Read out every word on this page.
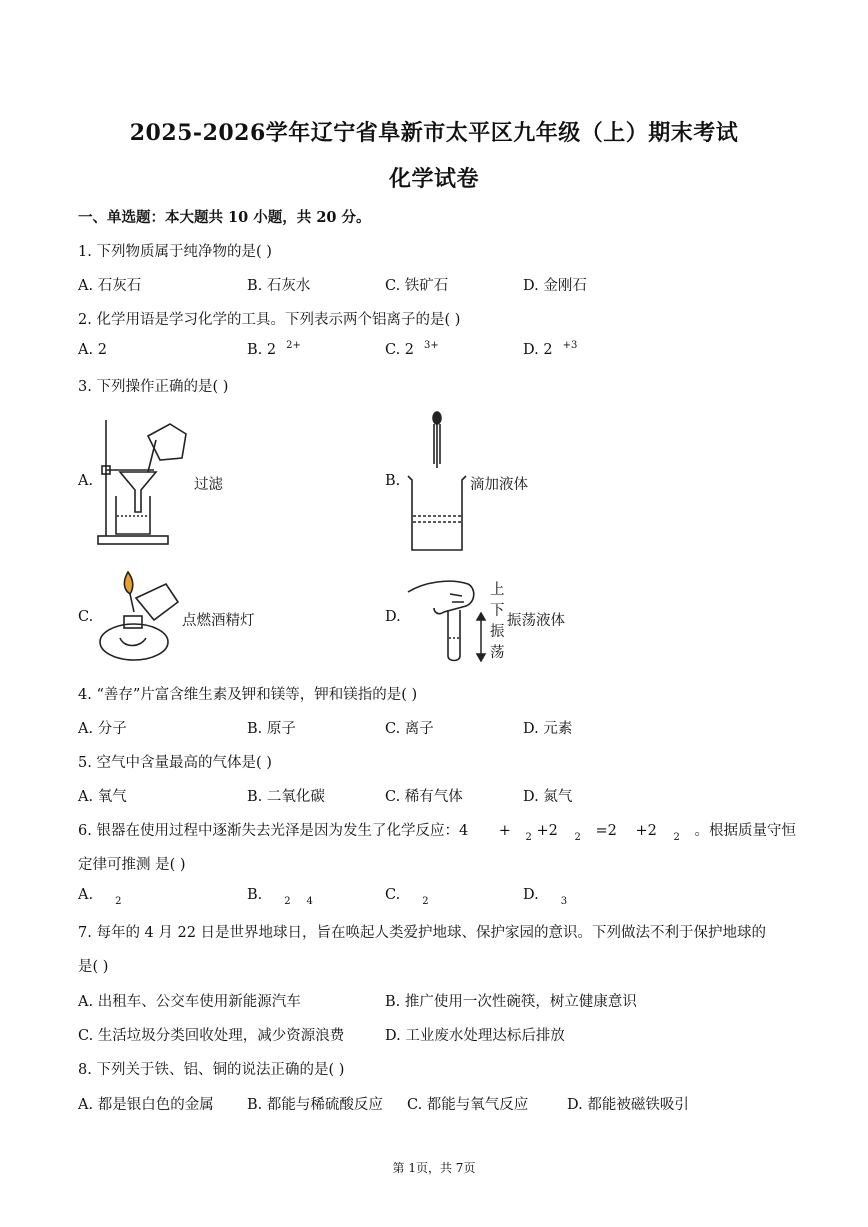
2025-2026学年辽宁省阜新市太平区九年级（上）期末考试
化学试卷
一、单选题：本大题共 10 小题，共 20 分。
1. 下列物质属于纯净物的是( )
A. 石灰石	B. 石灰水	C. 铁矿石	D. 金刚石
2. 化学用语是学习化学的工具。下列表示两个铝离子的是( )
A. 2	B. 2 $^{2+}$	C. 2 $^{3+}$	D. 2 $^{+3}$
3. 下列操作正确的是( )
A.	过滤	B.	滴加液体
C.	点燃酒精灯	D.
上
下
振
荡
振荡液体
4. “善存”片富含维生素及钾和镁等，钾和镁指的是( )
A. 分子	B. 原子	C. 离子	D. 元素
5. 空气中含量最高的气体是( )
A. 氧气	B. 二氧化碳	C. 稀有气体	D. 氮气
6. 银器在使用过程中逐渐失去光泽是因为发生了化学反应：4 + $_2$ +2 $_2$ =2 +2 $_2$ 。根据质量守恒
定律可推测 是( )
A. $_2$	B. $_{2 4}$	C. $_2$	D. $_3$
7. 每年的 4 月 22 日是世界地球日，旨在唤起人类爱护地球、保护家园的意识。下列做法不利于保护地球的
是( )
A. 出租车、公交车使用新能源汽车	B. 推广使用一次性碗筷，树立健康意识
C. 生活垃圾分类回收处理，减少资源浪费	D. 工业废水处理达标后排放
8. 下列关于铁、铝、铜的说法正确的是( )
A. 都是银白色的金属 B. 都能与稀硫酸反应 C. 都能与氧气反应	D. 都能被磁铁吸引
第 1页，共 7页
